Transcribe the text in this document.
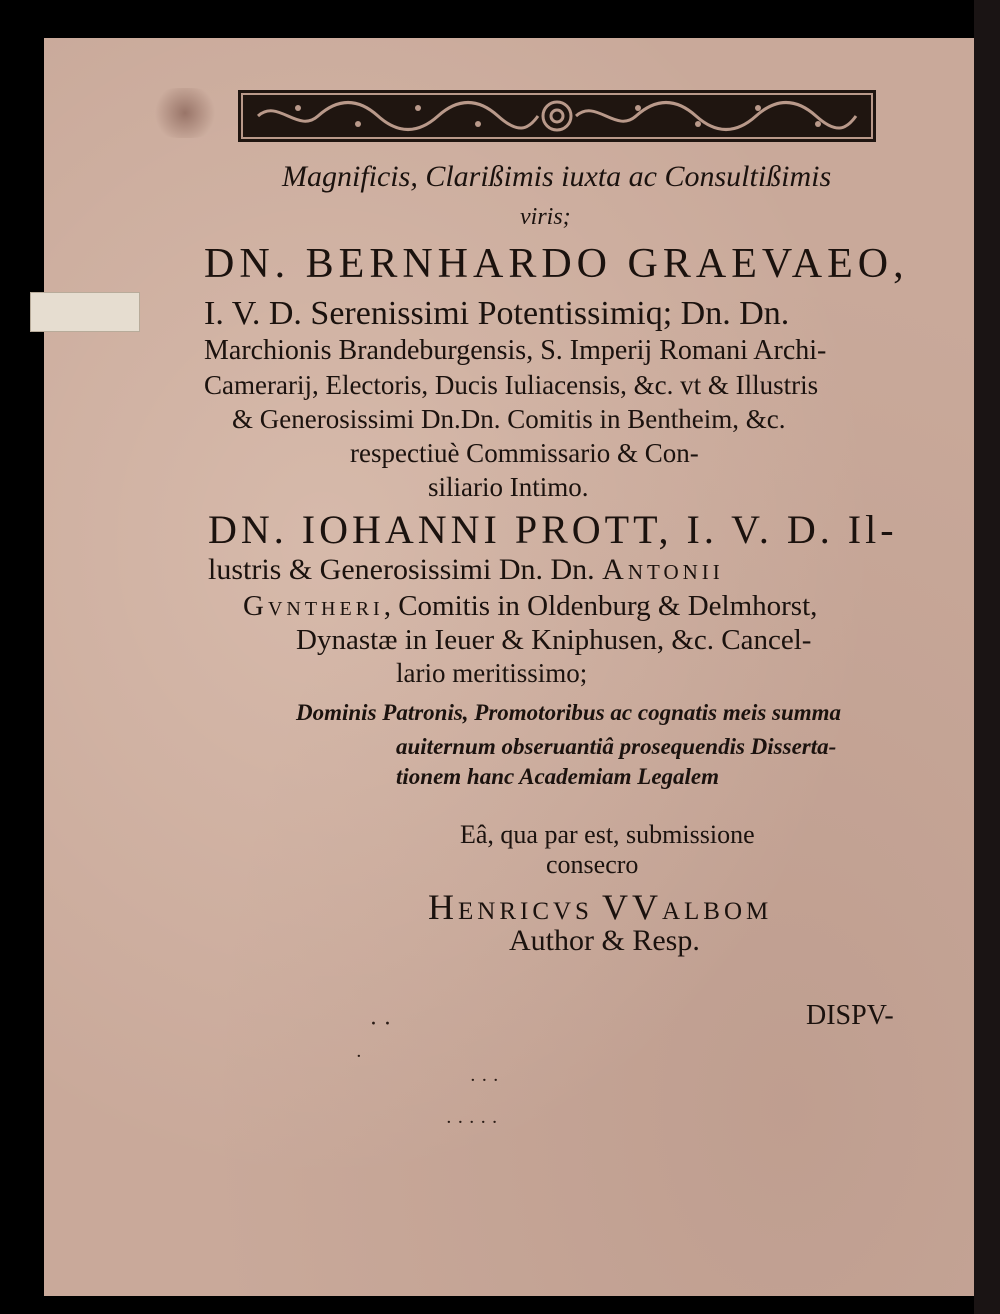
Magnificis, Clarißimis iuxta ac Consultißimis

viris;

DN. BERNHARDO GRAEVAEO,

I. V. D. Serenissimi Potentissimiq; Dn. Dn.

Marchionis Brandeburgensis, S. Imperij Romani Archi-

Camerarij, Electoris, Ducis Iuliacensis, &c. vt & Illustris

& Generosissimi Dn.Dn. Comitis in Bentheim, &c.

respectiuè Commissario & Con-

siliario Intimo.

DN. IOHANNI PROTT, I. V. D. Il-

lustris & Generosissimi Dn. Dn. Antonii

Gvntheri, Comitis in Oldenburg & Delmhorst,

Dynastæ in Ieuer & Kniphusen, &c. Cancel-

lario meritissimo;

Dominis Patronis, Promotoribus ac cognatis meis summa

auiternum obseruantiâ prosequendis Disserta-

tionem hanc Academiam Legalem

Eâ, qua par est, submissione

consecro

Henricvs VValbom

Author & Resp.

DISPV-

· ·
·
· · ·
· · · · ·
